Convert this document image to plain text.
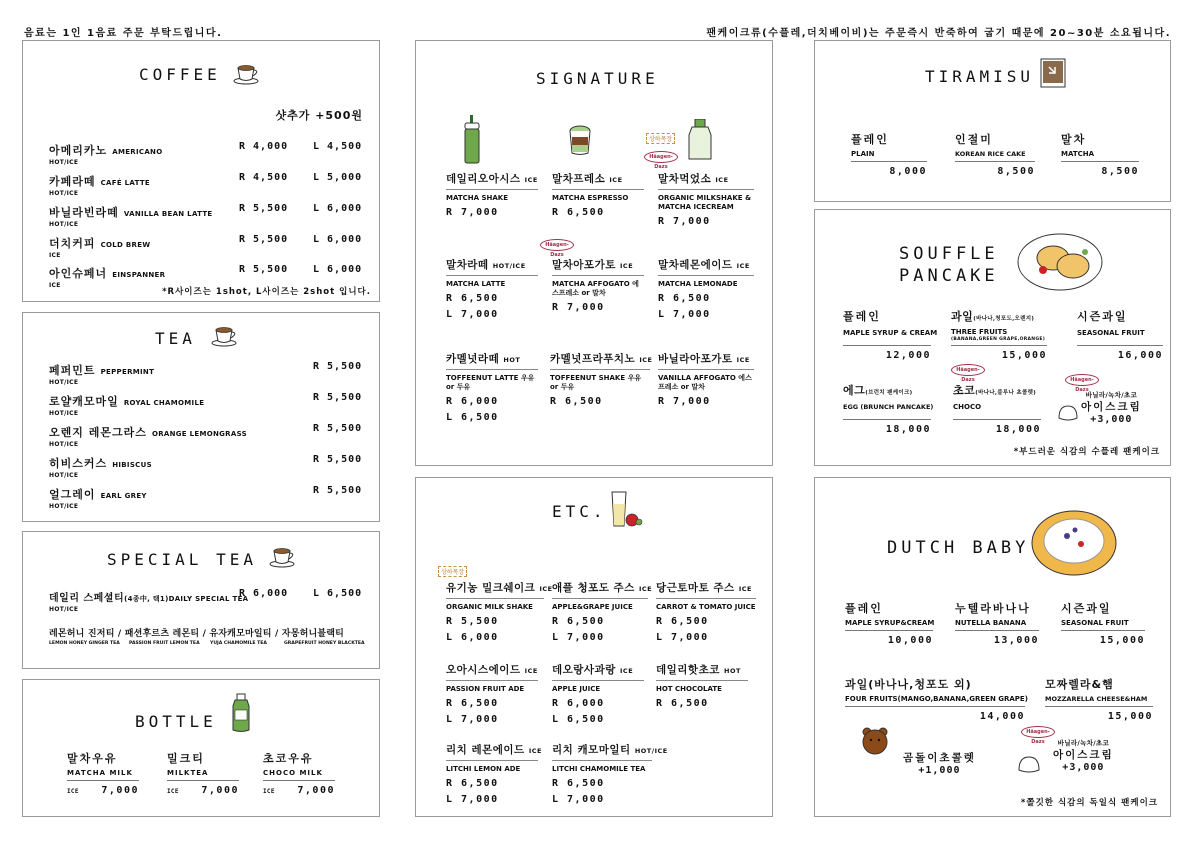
음료는 1인 1음료 주문 부탁드립니다.	팬케이크류(수플레,더치베이비)는 주문즉시 반죽하여 굽기 때문에 20~30분 소요됩니다.
COFFEE
샷추가 +500원
아메리카노 AMERICANO
HOT/ICE
R 4,000 L 4,500
카페라떼 CAFÉ LATTE
HOT/ICE
R 4,500 L 5,000
바닐라빈라떼 VANILLA BEAN LATTE
HOT/ICE
R 5,500 L 6,000
더치커피 COLD BREW
ICE
R 5,500 L 6,000
아인슈페너 EINSPANNER
ICE
R 5,500 L 6,000
*R사이즈는 1shot, L사이즈는 2shot 입니다.
TEA
페퍼민트 PEPPERMINT
HOT/ICE
R 5,500
로얄캐모마일 ROYAL CHAMOMILE
HOT/ICE
R 5,500
오렌지 레몬그라스 ORANGE LEMONGRASS
HOT/ICE
R 5,500
히비스커스 HIBISCUS
HOT/ICE
R 5,500
얼그레이 EARL GREY
HOT/ICE
R 5,500
SPECIAL TEA
데일리 스페셜티(4종中, 택1)DAILY SPECIAL TEA
HOT/ICE
R 6,000 L 6,500
레몬허니 진저티 / 패션후르츠 레몬티 / 유자캐모마일티 / 자몽허니블랙티
LEMON HONEY GINGER TEA PASSION FRUIT LEMON TEA YUJA CHAMOMILE TEA	GRAPEFRUIT HONEY BLACKTEA
BOTTLE
말차우유
MATCHA MILK
ICE 7,000
밀크티
MILKTEA
ICE 7,000
초코우유
CHOCO MILK
ICE 7,000
SIGNATURE
상하목장
Häagen-Dazs
데일리오아시스 ICE
MATCHA SHAKE
R 7,000
말차프레소 ICE
MATCHA ESPRESSO
R 6,500
말차먹었소 ICE
ORGANIC MILKSHAKE & MATCHA ICECREAM
R 7,000
Häagen-Dazs
말차라떼 HOT/ICE
MATCHA LATTE
R 6,500
L 7,000
말차아포가토 ICE
MATCHA AFFOGATO 에스프레소 or 말차
R 7,000
말차레몬에이드 ICE
MATCHA LEMONADE
R 6,500
L 7,000
카멜넛라떼 HOT
TOFFEENUT LATTE 우유 or 두유
R 6,000
L 6,500
카멜넛프라푸치노 ICE
TOFFEENUT SHAKE 우유 or 두유
R 6,500
바닐라아포가토 ICE
VANILLA AFFOGATO 에스프레소 or 말차
R 7,000
ETC.
상하목장
유기농 밀크쉐이크 ICE
ORGANIC MILK SHAKE
R 5,500
L 6,000
애플 청포도 주스 ICE
APPLE&GRAPE JUICE
R 6,500
L 7,000
당근토마토 주스 ICE
CARROT & TOMATO JUICE
R 6,500
L 7,000
오아시스에이드 ICE
PASSION FRUIT ADE
R 6,500
L 7,000
데오랑사과랑 ICE
APPLE JUICE
R 6,000
L 6,500
데일리핫초코 HOT
HOT CHOCOLATE
R 6,500
리치 레몬에이드 ICE
LITCHI LEMON ADE
R 6,500
L 7,000
리치 캐모마일티 HOT/ICE
LITCHI CHAMOMILE TEA
R 6,500
L 7,000
TIRAMISU
플레인
PLAIN
8,000
인절미
KOREAN RICE CAKE
8,500
말차
MATCHA
8,500
SOUFFLE
PANCAKE
플레인
MAPLE SYRUP & CREAM
12,000
과일(바나나,청포도,오렌지)
THREE FRUITS
(BANANA,GREEN GRAPE,ORANGE)
15,000
시즌과일
SEASONAL FRUIT
16,000
에그(브런치 팬케이크)
EGG (BRUNCH PANCAKE)
18,000
Häagen-Dazs
초코(바나나,블루나 초콜렛)
CHOCO
18,000
Häagen-Dazs
바닐라/녹차/초코
아이스크림
+3,000
*부드러운 식감의 수플레 팬케이크
DUTCH BABY
플레인
MAPLE SYRUP&CREAM
10,000
누텔라바나나
NUTELLA BANANA
13,000
시즌과일
SEASONAL FRUIT
15,000
과일(바나나,청포도 외)
FOUR FRUITS(MANGO,BANANA,GREEN GRAPE)
14,000
모짜렐라&햄
MOZZARELLA CHEESE&HAM
15,000
곰돌이초콜렛
+1,000
Häagen-Dazs	바닐라/녹차/초코
아이스크림
+3,000
*쫄깃한 식감의 독일식 팬케이크
